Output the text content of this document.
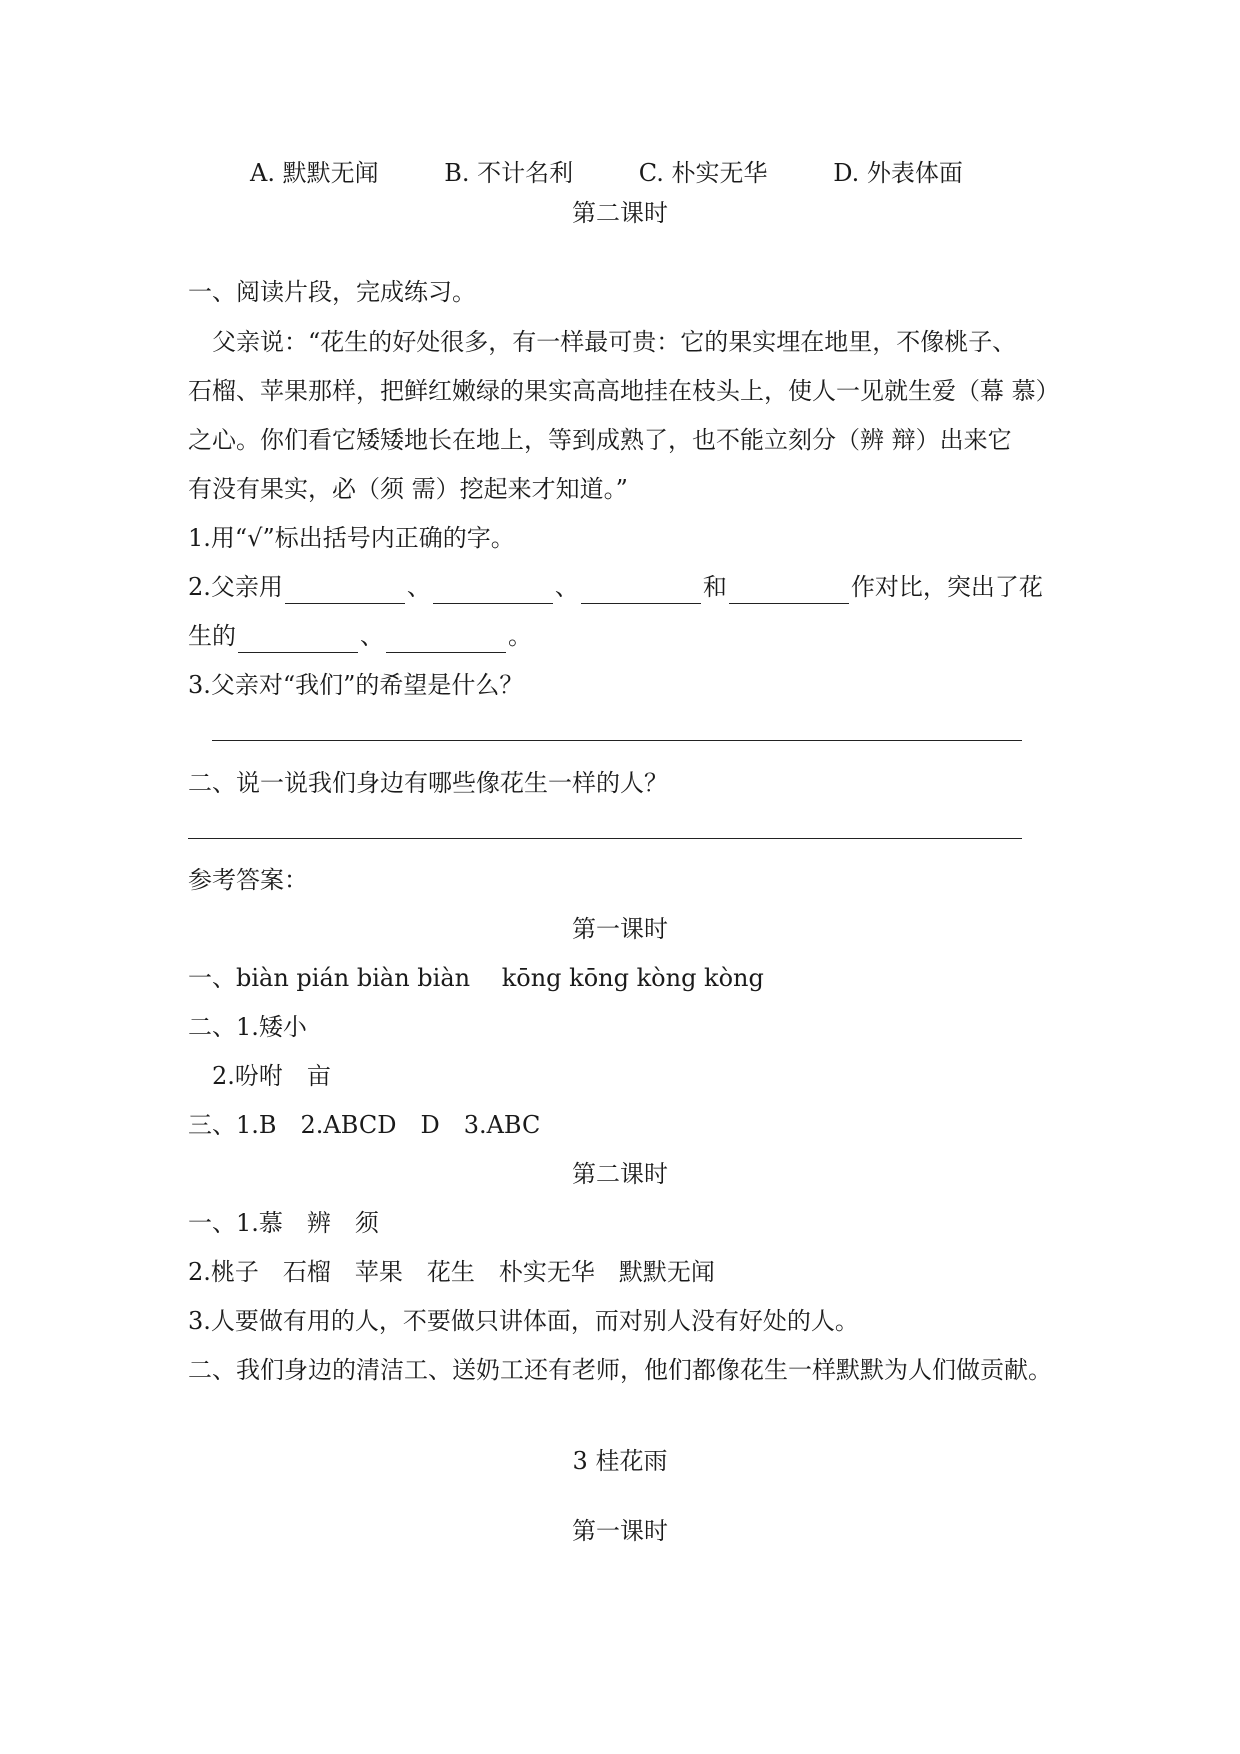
A. 默默无闻	B. 不计名利	C. 朴实无华	D. 外表体面
第二课时
一、阅读片段，完成练习。
　父亲说：“花生的好处很多，有一样最可贵：它的果实埋在地里，不像桃子、
石榴、苹果那样，把鲜红嫩绿的果实高高地挂在枝头上，使人一见就生爱（幕 慕）
之心。你们看它矮矮地长在地上，等到成熟了，也不能立刻分（辨 辩）出来它
有没有果实，必（须 需）挖起来才知道。”
1.用“√”标出括号内正确的字。
2.父亲用	、	、	和	作对比，突出了花
生的	、	。
3.父亲对“我们”的希望是什么？
二、说一说我们身边有哪些像花生一样的人？
参考答案：
第一课时
一、biàn pián biàn biàn　 kōng kōng kòng kòng
二、1.矮小
2.吩咐　亩
三、1.B　2.ABCD　D　3.ABC
第二课时
一、1.慕　辨　须
2.桃子　石榴　苹果　花生　朴实无华　默默无闻
3.人要做有用的人，不要做只讲体面，而对别人没有好处的人。
二、我们身边的清洁工、送奶工还有老师，他们都像花生一样默默为人们做贡献。
3 桂花雨
第一课时
